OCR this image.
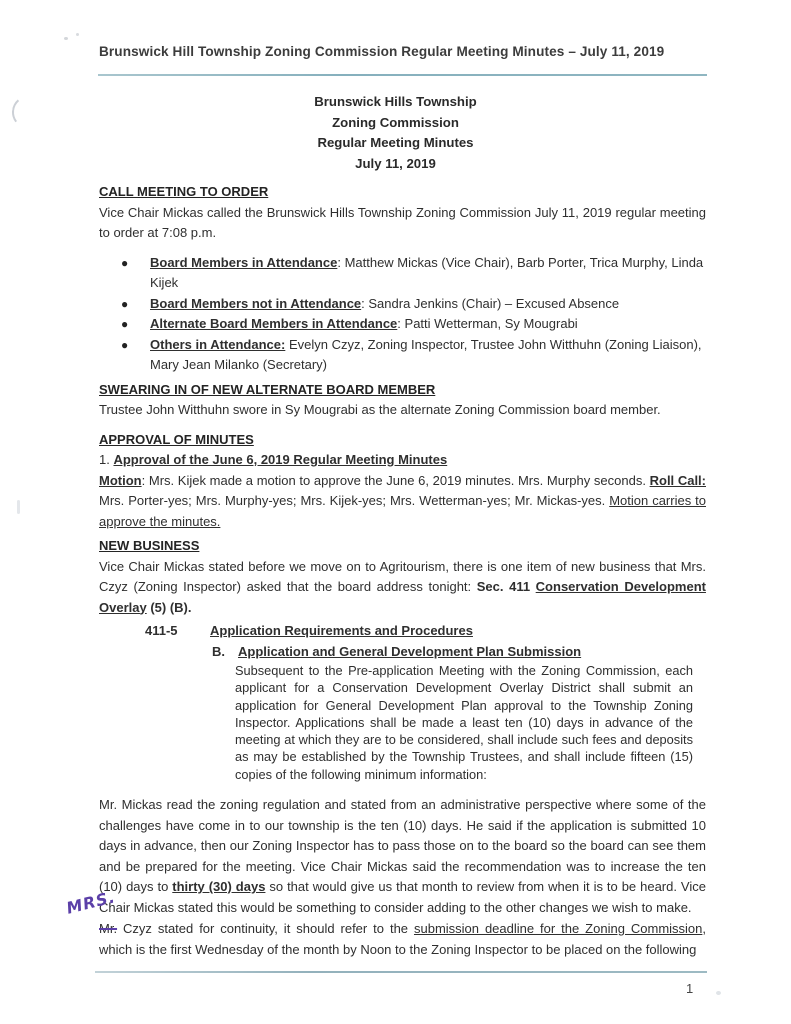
Brunswick Hill Township Zoning Commission Regular Meeting Minutes – July 11, 2019
Brunswick Hills Township
Zoning Commission
Regular Meeting Minutes
July 11, 2019
CALL MEETING TO ORDER

Vice Chair Mickas called the Brunswick Hills Township Zoning Commission July 11, 2019 regular meeting to order at 7:08 p.m.

● Board Members in Attendance: Matthew Mickas (Vice Chair), Barb Porter, Trica Murphy, Linda Kijek
● Board Members not in Attendance: Sandra Jenkins (Chair) – Excused Absence
● Alternate Board Members in Attendance: Patti Wetterman, Sy Mougrabi
● Others in Attendance: Evelyn Czyz, Zoning Inspector, Trustee John Witthuhn (Zoning Liaison), Mary Jean Milanko (Secretary)
SWEARING IN OF NEW ALTERNATE BOARD MEMBER

Trustee John Witthuhn swore in Sy Mougrabi as the alternate Zoning Commission board member.

APPROVAL OF MINUTES

1. Approval of the June 6, 2019 Regular Meeting Minutes

Motion: Mrs. Kijek made a motion to approve the June 6, 2019 minutes. Mrs. Murphy seconds. Roll Call: Mrs. Porter-yes; Mrs. Murphy-yes; Mrs. Kijek-yes; Mrs. Wetterman-yes; Mr. Mickas-yes. Motion carries to approve the minutes.

NEW BUSINESS

Vice Chair Mickas stated before we move on to Agritourism, there is one item of new business that Mrs. Czyz (Zoning Inspector) asked that the board address tonight: Sec. 411 Conservation Development Overlay (5) (B).

411-5	Application Requirements and Procedures
B.	Application and General Development Plan Submission

Subsequent to the Pre-application Meeting with the Zoning Commission, each applicant for a Conservation Development Overlay District shall submit an application for General Development Plan approval to the Township Zoning Inspector. Applications shall be made a least ten (10) days in advance of the meeting at which they are to be considered, shall include such fees and deposits as may be established by the Township Trustees, and shall include fifteen (15) copies of the following minimum information:

Mr. Mickas read the zoning regulation and stated from an administrative perspective where some of the challenges have come in to our township is the ten (10) days. He said if the application is submitted 10 days in advance, then our Zoning Inspector has to pass those on to the board so the board can see them and be prepared for the meeting. Vice Chair Mickas said the recommendation was to increase the ten (10) days to thirty (30) days so that would give us that month to review from when it is to be heard. Vice Chair Mickas stated this would be something to consider adding to the other changes we wish to make.

Mr. Czyz stated for continuity, it should refer to the submission deadline for the Zoning Commission, which is the first Wednesday of the month by Noon to the Zoning Inspector to be placed on the following

MRS.
1
